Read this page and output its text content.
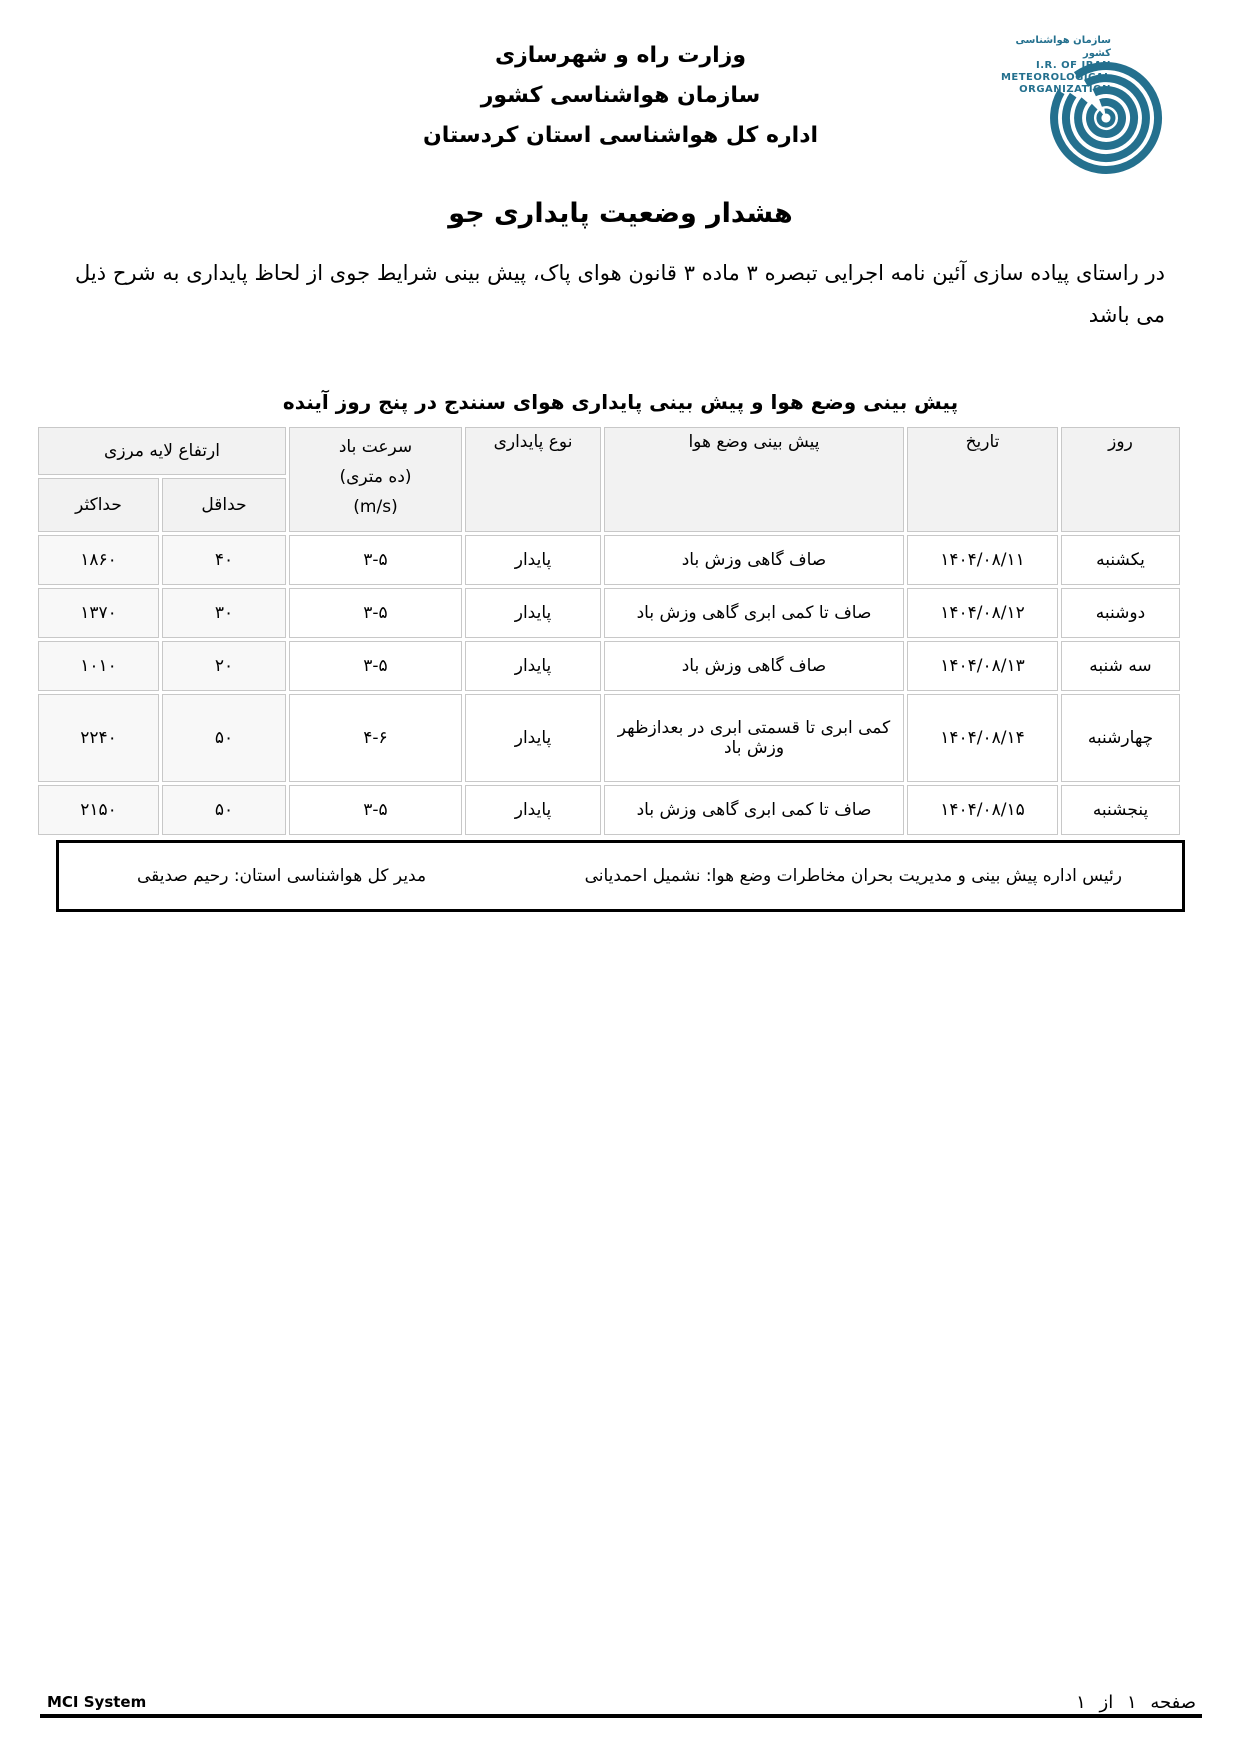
وزارت راه و شهرسازی
سازمان هواشناسی کشور
اداره کل هواشناسی استان کردستان
سازمان هواشناسی کشور
I.R. OF IRAN
METEOROLOGICAL
ORGANIZATION
هشدار وضعیت پایداری جو

در راستای پیاده سازی آئین نامه اجرایی تبصره ۳ ماده ۳ قانون هوای پاک، پیش بینی شرایط جوی از لحاظ پایداری به شرح ذیل می باشد

پیش بینی وضع هوا و پیش بینی پایداری هوای سنندج در پنج روز آینده
روز	تاریخ	پیش بینی وضع هوا	نوع پایداری	سرعت باد
(ده متری)
(m/s)	ارتفاع لایه مرزی	
					حداقل	حداکثر
یکشنبه	۱۴۰۴/۰۸/۱۱	صاف گاهی وزش باد	پایدار	۳-۵	۴۰	۱۸۶۰
دوشنبه	۱۴۰۴/۰۸/۱۲	صاف تا کمی ابری گاهی وزش باد	پایدار	۳-۵	۳۰	۱۳۷۰
سه شنبه	۱۴۰۴/۰۸/۱۳	صاف گاهی وزش باد	پایدار	۳-۵	۲۰	۱۰۱۰
چهارشنبه	۱۴۰۴/۰۸/۱۴	کمی ابری تا قسمتی ابری در بعدازظهر وزش باد	پایدار	۴-۶	۵۰	۲۲۴۰
پنجشنبه	۱۴۰۴/۰۸/۱۵	صاف تا کمی ابری گاهی وزش باد	پایدار	۳-۵	۵۰	۲۱۵۰
رئیس اداره پیش بینی و مدیریت بحران مخاطرات وضع هوا: نشمیل احمدیانی
مدیر کل هواشناسی استان: رحیم صدیقی
MCI System	صفحه ۱ از ۱
